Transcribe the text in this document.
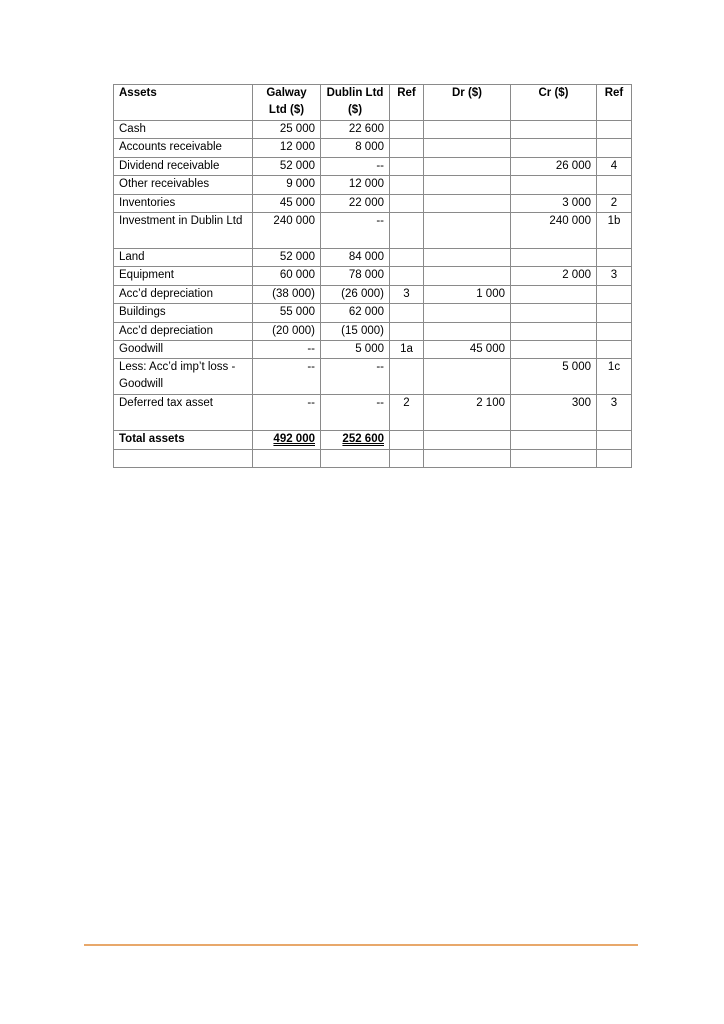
Assets	Galway Ltd ($)	Dublin Ltd ($)	Ref	Dr ($)	Cr ($)	Ref
Cash	25 000	22 600				
Accounts receivable	12 000	8 000				
Dividend receivable	52 000	--			26 000	4
Other receivables	9 000	12 000				
Inventories	45 000	22 000			3 000	2
Investment in Dublin Ltd	240 000	--			240 000	1b
Land	52 000	84 000				
Equipment	60 000	78 000			2 000	3
Acc’d depreciation	(38 000)	(26 000)	3	1 000		
Buildings	55 000	62 000				
Acc’d depreciation	(20 000)	(15 000)				
Goodwill	--	5 000	1a	45 000		
Less: Acc’d imp’t loss - Goodwill	--	--			5 000	1c
Deferred tax asset	--	--	2	2 100	300	3
Total assets	492 000	252 600				
